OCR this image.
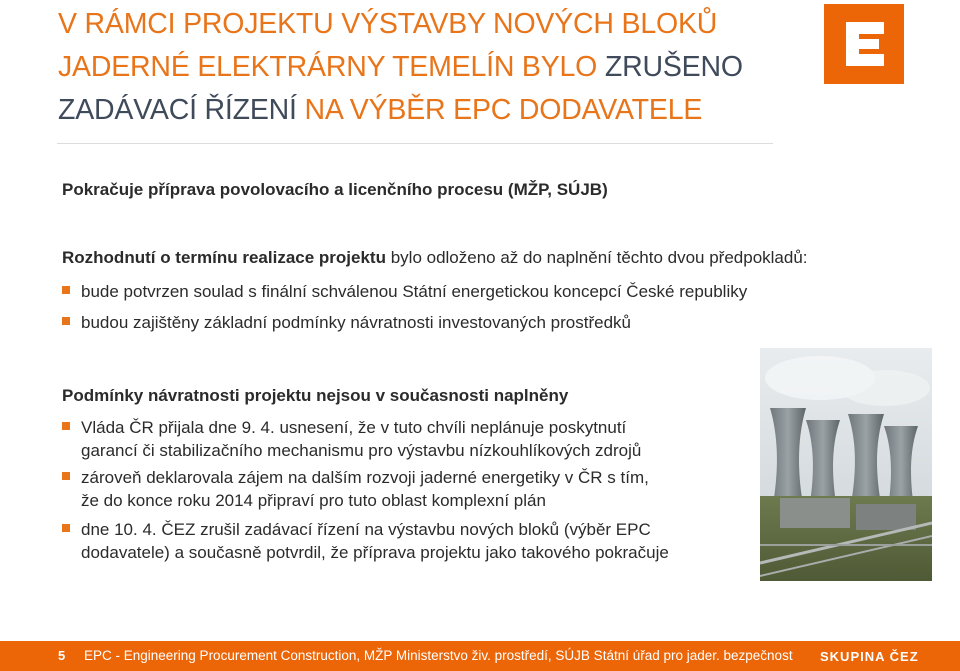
V RÁMCI PROJEKTU VÝSTAVBY NOVÝCH BLOKŮ
JADERNÉ ELEKTRÁRNY TEMELÍN BYLO ZRUŠENO
ZADÁVACÍ ŘÍZENÍ NA VÝBĚR EPC DODAVATELE
Pokračuje příprava povolovacího a licenčního procesu (MŽP, SÚJB)
Rozhodnutí o termínu realizace projektu bylo odloženo až do naplnění těchto dvou předpokladů:
bude potvrzen soulad s finální schválenou Státní energetickou koncepcí České republiky
budou zajištěny základní podmínky návratnosti investovaných prostředků
Podmínky návratnosti projektu nejsou v současnosti naplněny
Vláda ČR přijala dne 9. 4. usnesení, že v tuto chvíli neplánuje poskytnutí
garancí či stabilizačního mechanismu pro výstavbu nízkouhlíkových zdrojů
zároveň deklarovala zájem na dalším rozvoji jaderné energetiky v ČR s tím,
že do konce roku 2014 připraví pro tuto oblast komplexní plán
dne 10. 4. ČEZ zrušil zadávací řízení na výstavbu nových bloků (výběr EPC
dodavatele) a současně potvrdil, že příprava projektu jako takového pokračuje
5 EPC - Engineering Procurement Construction, MŽP Ministerstvo živ. prostředí, SÚJB Státní úřad pro jader. bezpečnost SKUPINA ČEZ
